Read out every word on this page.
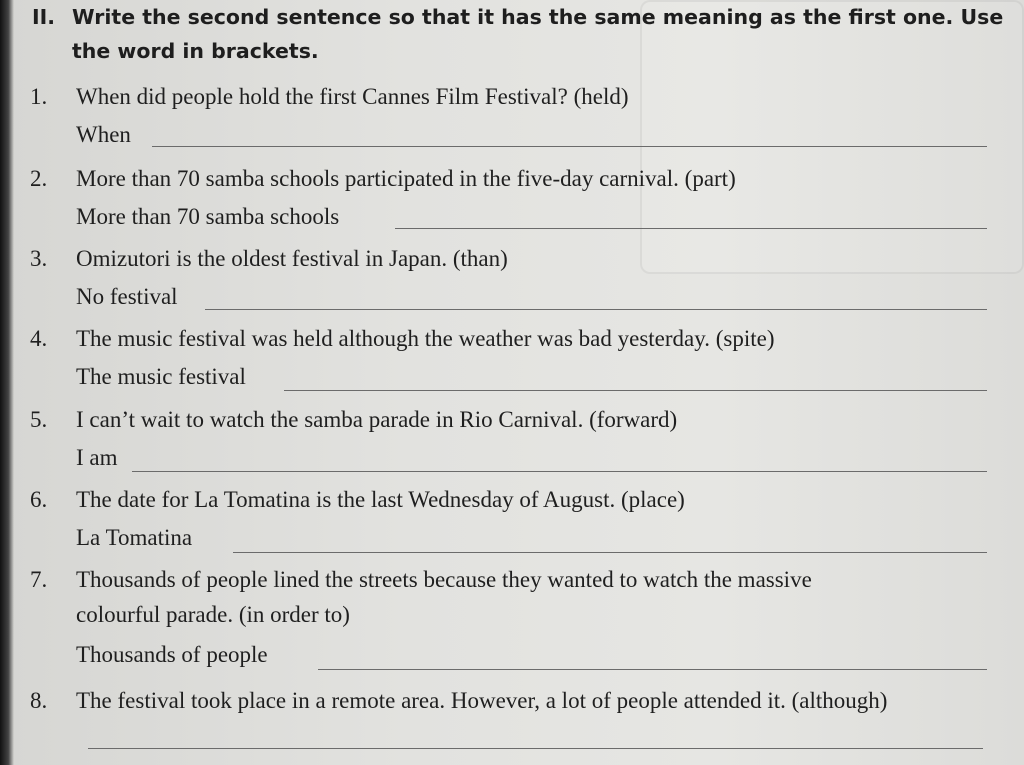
II. Write the second sentence so that it has the same meaning as the first one. Use the word in brackets.
1. When did people hold the first Cannes Film Festival? (held)
When
2. More than 70 samba schools participated in the five-day carnival. (part)
More than 70 samba schools
3. Omizutori is the oldest festival in Japan. (than)
No festival
4. The music festival was held although the weather was bad yesterday. (spite)
The music festival
5. I can’t wait to watch the samba parade in Rio Carnival. (forward)
I am
6. The date for La Tomatina is the last Wednesday of August. (place)
La Tomatina
7. Thousands of people lined the streets because they wanted to watch the massive
colourful parade. (in order to)
Thousands of people
8. The festival took place in a remote area. However, a lot of people attended it. (although)
